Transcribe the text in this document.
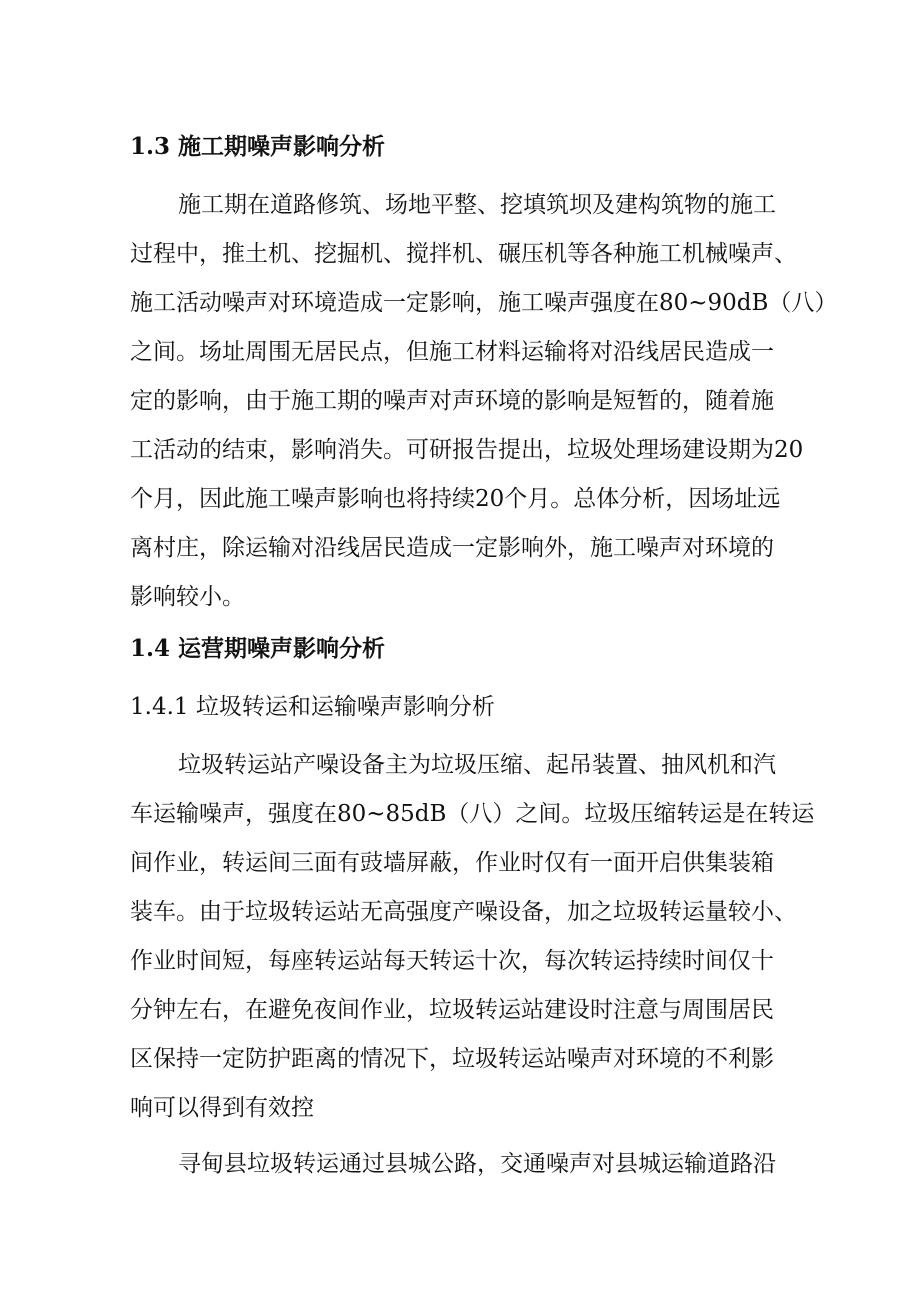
1.3 施工期噪声影响分析
施工期在道路修筑、场地平整、挖填筑坝及建构筑物的施工
过程中，推土机、挖掘机、搅拌机、碾压机等各种施工机械噪声、
施工活动噪声对环境造成一定影响，施工噪声强度在80~90dB（八）
之间。场址周围无居民点，但施工材料运输将对沿线居民造成一
定的影响，由于施工期的噪声对声环境的影响是短暂的，随着施
工活动的结束，影响消失。可研报告提出，垃圾处理场建设期为20
个月，因此施工噪声影响也将持续20个月。总体分析，因场址远
离村庄，除运输对沿线居民造成一定影响外，施工噪声对环境的
影响较小。
1.4 运营期噪声影响分析
1.4.1 垃圾转运和运输噪声影响分析
垃圾转运站产噪设备主为垃圾压缩、起吊装置、抽风机和汽
车运输噪声，强度在80~85dB（八）之间。垃圾压缩转运是在转运
间作业，转运间三面有豉墙屏蔽，作业时仅有一面开启供集装箱
装车。由于垃圾转运站无高强度产噪设备，加之垃圾转运量较小、
作业时间短，每座转运站每天转运十次，每次转运持续时间仅十
分钟左右，在避免夜间作业，垃圾转运站建设时注意与周围居民
区保持一定防护距离的情况下，垃圾转运站噪声对环境的不利影
响可以得到有效控
寻甸县垃圾转运通过县城公路，交通噪声对县城运输道路沿
